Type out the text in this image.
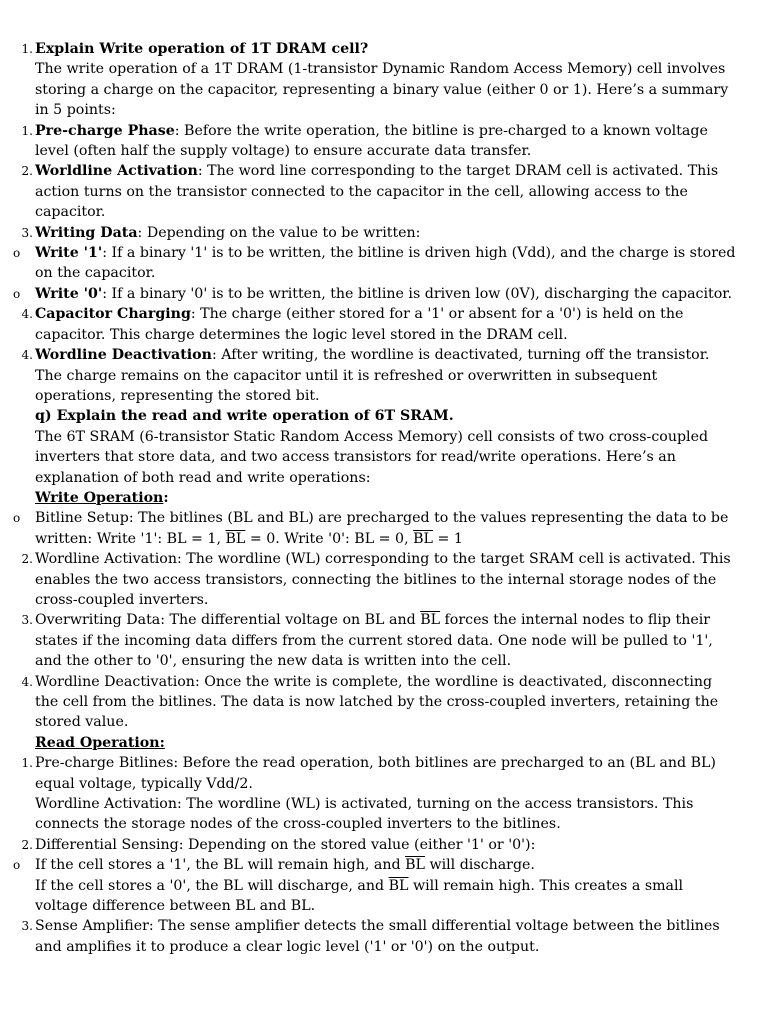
1. Explain Write operation of 1T DRAM cell?
The write operation of a 1T DRAM (1-transistor Dynamic Random Access Memory) cell involves storing a charge on the capacitor, representing a binary value (either 0 or 1). Here’s a summary in 5 points:
1. Pre-charge Phase: Before the write operation, the bitline is pre-charged to a known voltage level (often half the supply voltage) to ensure accurate data transfer.
2. Worldline Activation: The word line corresponding to the target DRAM cell is activated. This action turns on the transistor connected to the capacitor in the cell, allowing access to the capacitor.
3. Writing Data: Depending on the value to be written:
o Write '1': If a binary '1' is to be written, the bitline is driven high (Vdd), and the charge is stored on the capacitor.
o Write '0': If a binary '0' is to be written, the bitline is driven low (0V), discharging the capacitor.
4. Capacitor Charging: The charge (either stored for a '1' or absent for a '0') is held on the capacitor. This charge determines the logic level stored in the DRAM cell.
4. Wordline Deactivation: After writing, the wordline is deactivated, turning off the transistor. The charge remains on the capacitor until it is refreshed or overwritten in subsequent operations, representing the stored bit.
q) Explain the read and write operation of 6T SRAM.
The 6T SRAM (6-transistor Static Random Access Memory) cell consists of two cross-coupled inverters that store data, and two access transistors for read/write operations. Here’s an explanation of both read and write operations:
Write Operation:
o Bitline Setup: The bitlines (BL and BL) are precharged to the values representing the data to be written: Write '1': BL = 1, $\overline{BL} = 0$. Write '0': BL = 0, $\overline{BL} = 1$
2. Wordline Activation: The wordline (WL) corresponding to the target SRAM cell is activated. This enables the two access transistors, connecting the bitlines to the internal storage nodes of the cross-coupled inverters.
3. Overwriting Data: The differential voltage on BL and $\overline{BL}$ forces the internal nodes to flip their states if the incoming data differs from the current stored data. One node will be pulled to '1', and the other to '0', ensuring the new data is written into the cell.
4. Wordline Deactivation: Once the write is complete, the wordline is deactivated, disconnecting the cell from the bitlines. The data is now latched by the cross-coupled inverters, retaining the stored value.
Read Operation:
1. Pre-charge Bitlines: Before the read operation, both bitlines are precharged to an (BL and BL) equal voltage, typically Vdd/2.
Wordline Activation: The wordline (WL) is activated, turning on the access transistors. This connects the storage nodes of the cross-coupled inverters to the bitlines.
2. Differential Sensing: Depending on the stored value (either '1' or '0'):
o If the cell stores a '1', the BL will remain high, and $\overline{BL}$ will discharge.
If the cell stores a '0', the BL will discharge, and $\overline{BL}$ will remain high. This creates a small voltage difference between BL and BL.
3. Sense Amplifier: The sense amplifier detects the small differential voltage between the bitlines and amplifies it to produce a clear logic level ('1' or '0') on the output.
